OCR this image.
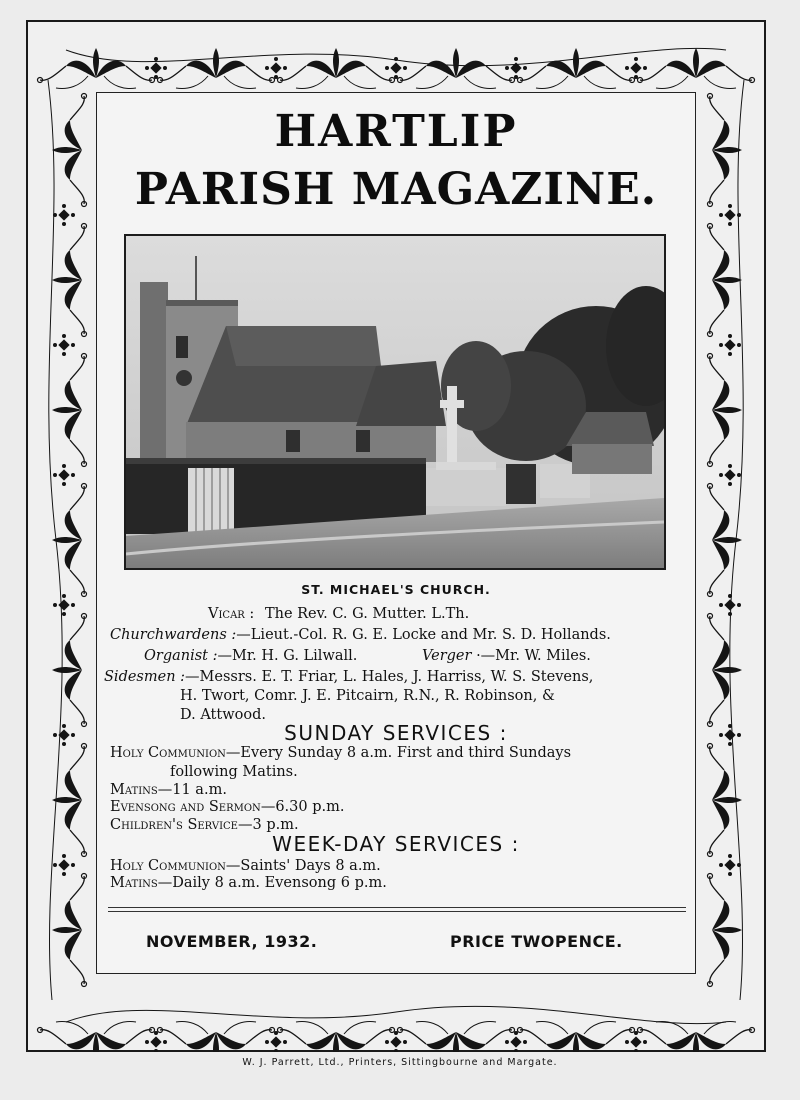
HARTLIP
PARISH MAGAZINE.
ST. MICHAEL'S CHURCH.
Vicar : The Rev. C. G. Mutter. L.Th.
Churchwardens :—Lieut.-Col. R. G. E. Locke and Mr. S. D. Hollands.
Organist :—Mr. H. G. Lilwall.	Verger ·—Mr. W. Miles.
Sidesmen :—Messrs. E. T. Friar, L. Hales, J. Harriss, W. S. Stevens,
H. Twort, Comr. J. E. Pitcairn, R.N., R. Robinson, &
D. Attwood.
SUNDAY SERVICES :
Holy Communion—Every Sunday 8 a.m. First and third Sundays
following Matins.
Matins—11 a.m.
Evensong and Sermon—6.30 p.m.
Children's Service—3 p.m.
WEEK-DAY SERVICES :
Holy Communion—Saints' Days 8 a.m.
Matins—Daily 8 a.m. Evensong 6 p.m.
NOVEMBER, 1932.	PRICE TWOPENCE.
W. J. Parrett, Ltd., Printers, Sittingbourne and Margate.
